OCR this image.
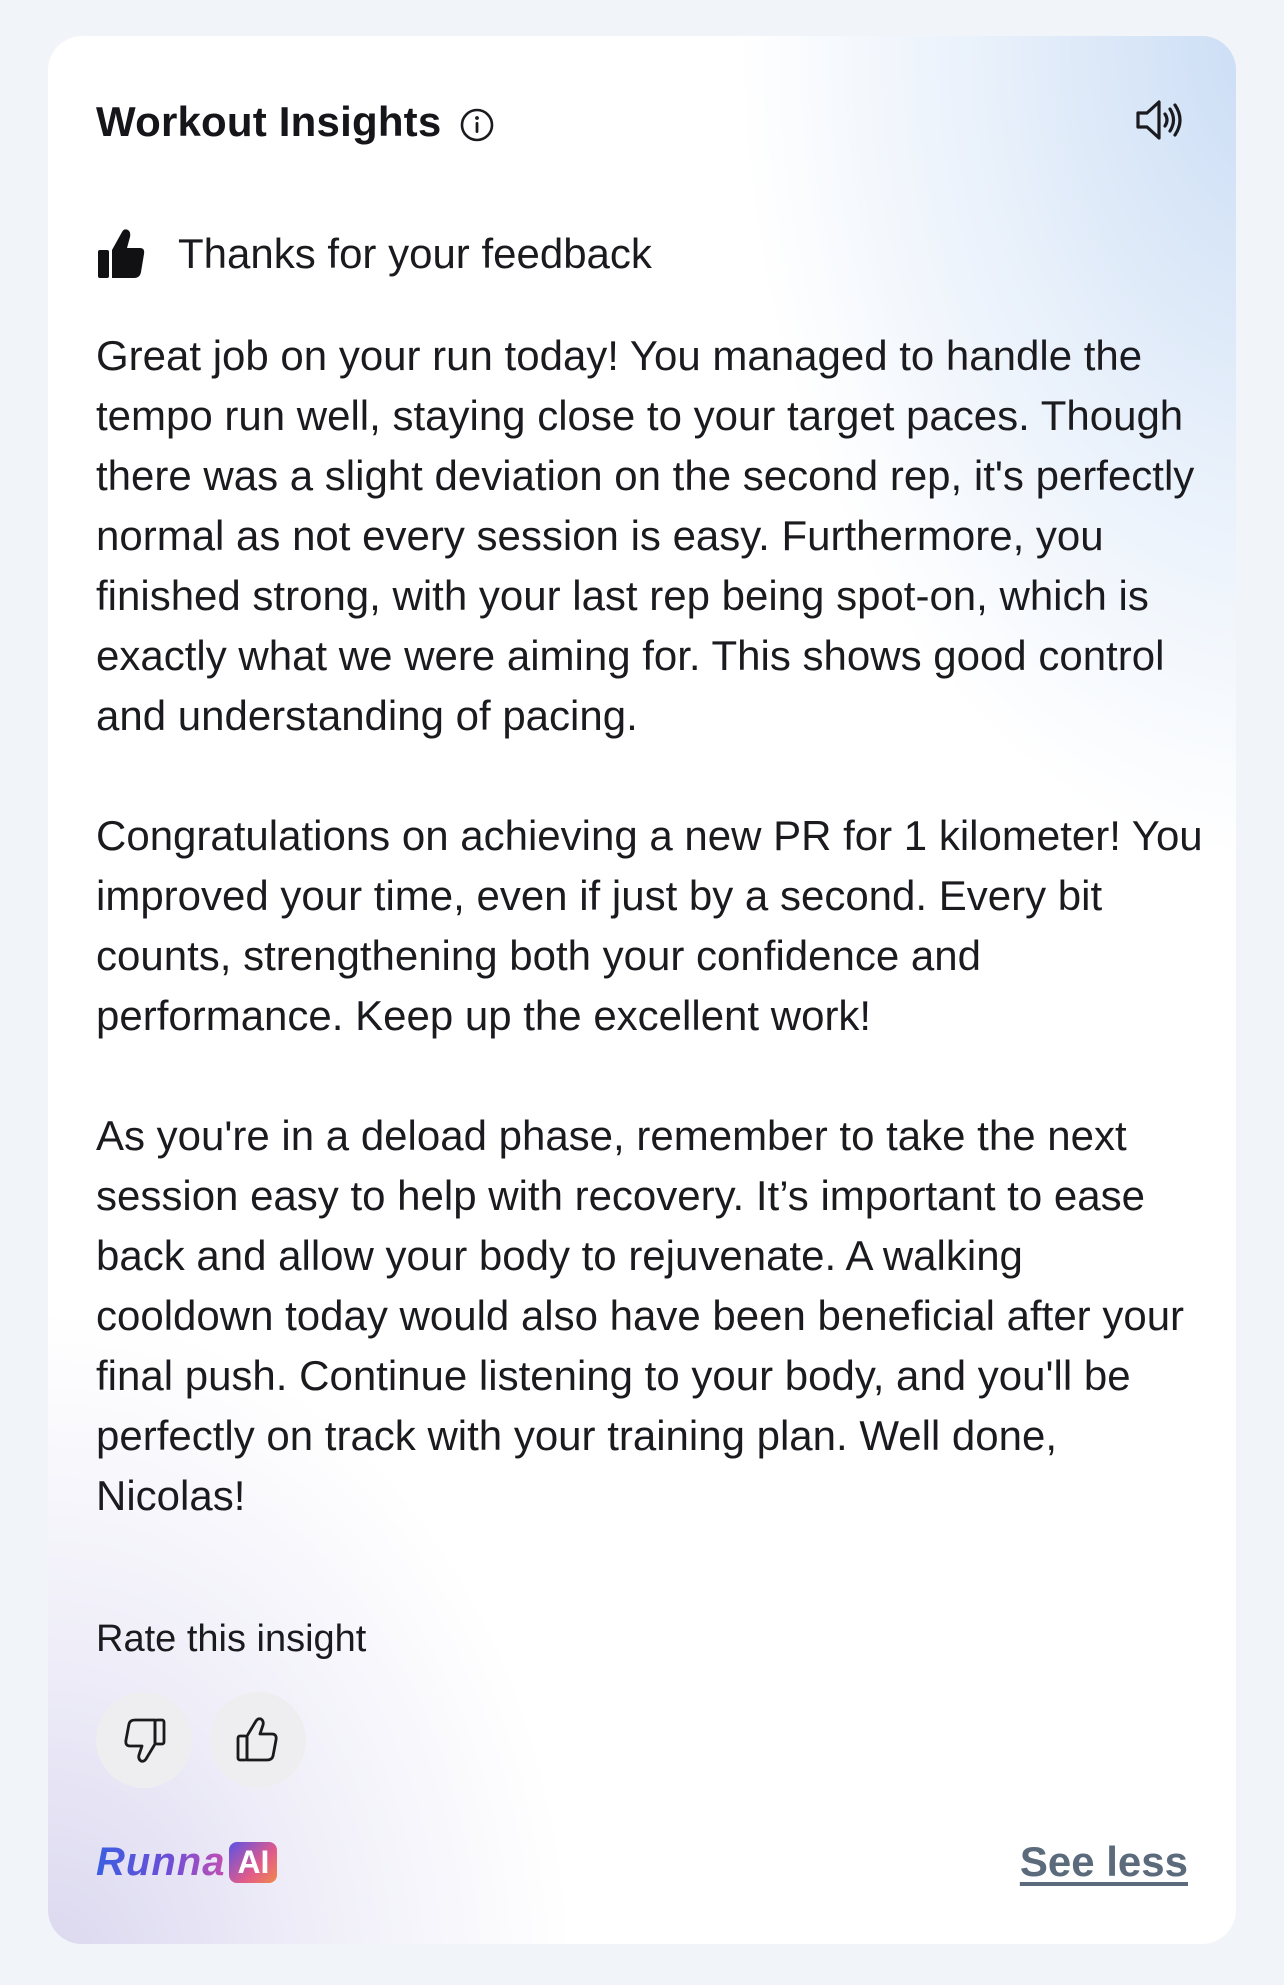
Workout Insights
Thanks for your feedback

Great job on your run today! You managed to handle the tempo run well, staying close to your target paces. Though there was a slight deviation on the second rep, it's perfectly normal as not every session is easy. Furthermore, you finished strong, with your last rep being spot-on, which is exactly what we were aiming for. This shows good control and understanding of pacing.

Congratulations on achieving a new PR for 1 kilometer! You improved your time, even if just by a second. Every bit counts, strengthening both your confidence and performance. Keep up the excellent work!

As you're in a deload phase, remember to take the next session easy to help with recovery. It’s important to ease back and allow your body to rejuvenate. A walking cooldown today would also have been beneficial after your final push. Continue listening to your body, and you'll be perfectly on track with your training plan. Well done, Nicolas!

Rate this insight
Runna AI	See less
